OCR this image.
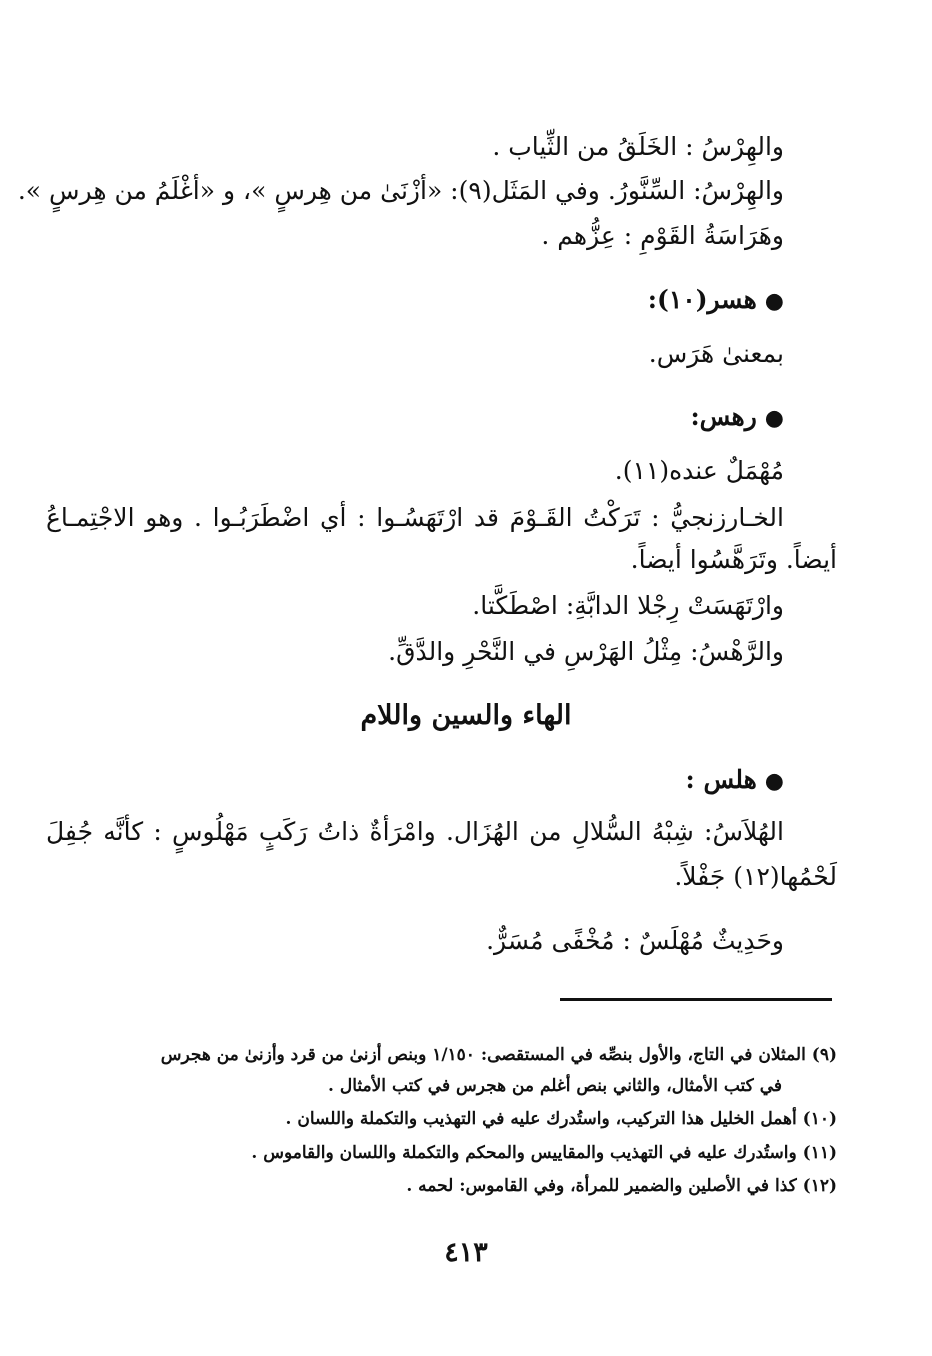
والهِرْسُ : الخَلَقُ من الثِّياب .
والهِرْسُ: السِّنَّورُ. وفي المَثَل(٩): «أزْنَىٰ من هِرسٍ »، و «أغْلَمُ من هِرسٍ ».
وهَرَاسَةُ القَوْمِ : عِزُّهم .
● هسر(١٠):
بمعنىٰ هَرَس.
● رهس:
مُهْمَلٌ عنده(١١).
الخـارزنجيُّ : تَرَكْتُ القَـوْمَ قد ارْتَهَسُـوا : أي اضْطَرَبُـوا . وهو الاجْتِمـاعُ
أيضاً. وتَرَهَّسُوا أيضاً.
وارْتَهَسَتْ رِجْلا الدابَّةِ: اصْطَكَّتا.
والرَّهْسُ: مِثْلُ الهَرْسِ في النَّحْرِ والدَّقِّ.
الهاء والسين واللام
● هلس :
الهُلاَسُ: شِبْهُ السُّلالِ من الهُزَال. وامْرَأةٌ ذاتُ رَكَبٍ مَهْلُوسٍ : كأنَّه جُفِلَ
لَحْمُها(١٢) جَفْلاً.
وحَدِيثٌ مُهْلَسٌ : مُخْفًى مُسَرٌّ.
(٩) المثلان في التاج، والأول بنصِّه في المستقصى: ١/١٥٠ وبنص أزنىٰ من قرد وأزنىٰ من هجرس
في كتب الأمثال، والثاني بنص أغلم من هجرس في كتب الأمثال .
(١٠) أهمل الخليل هذا التركيب، واستُدرك عليه في التهذيب والتكملة واللسان .
(١١) واستُدرك عليه في التهذيب والمقاييس والمحكم والتكملة واللسان والقاموس .
(١٢) كذا في الأصلين والضمير للمرأة، وفي القاموس: لحمه .
٤١٣
